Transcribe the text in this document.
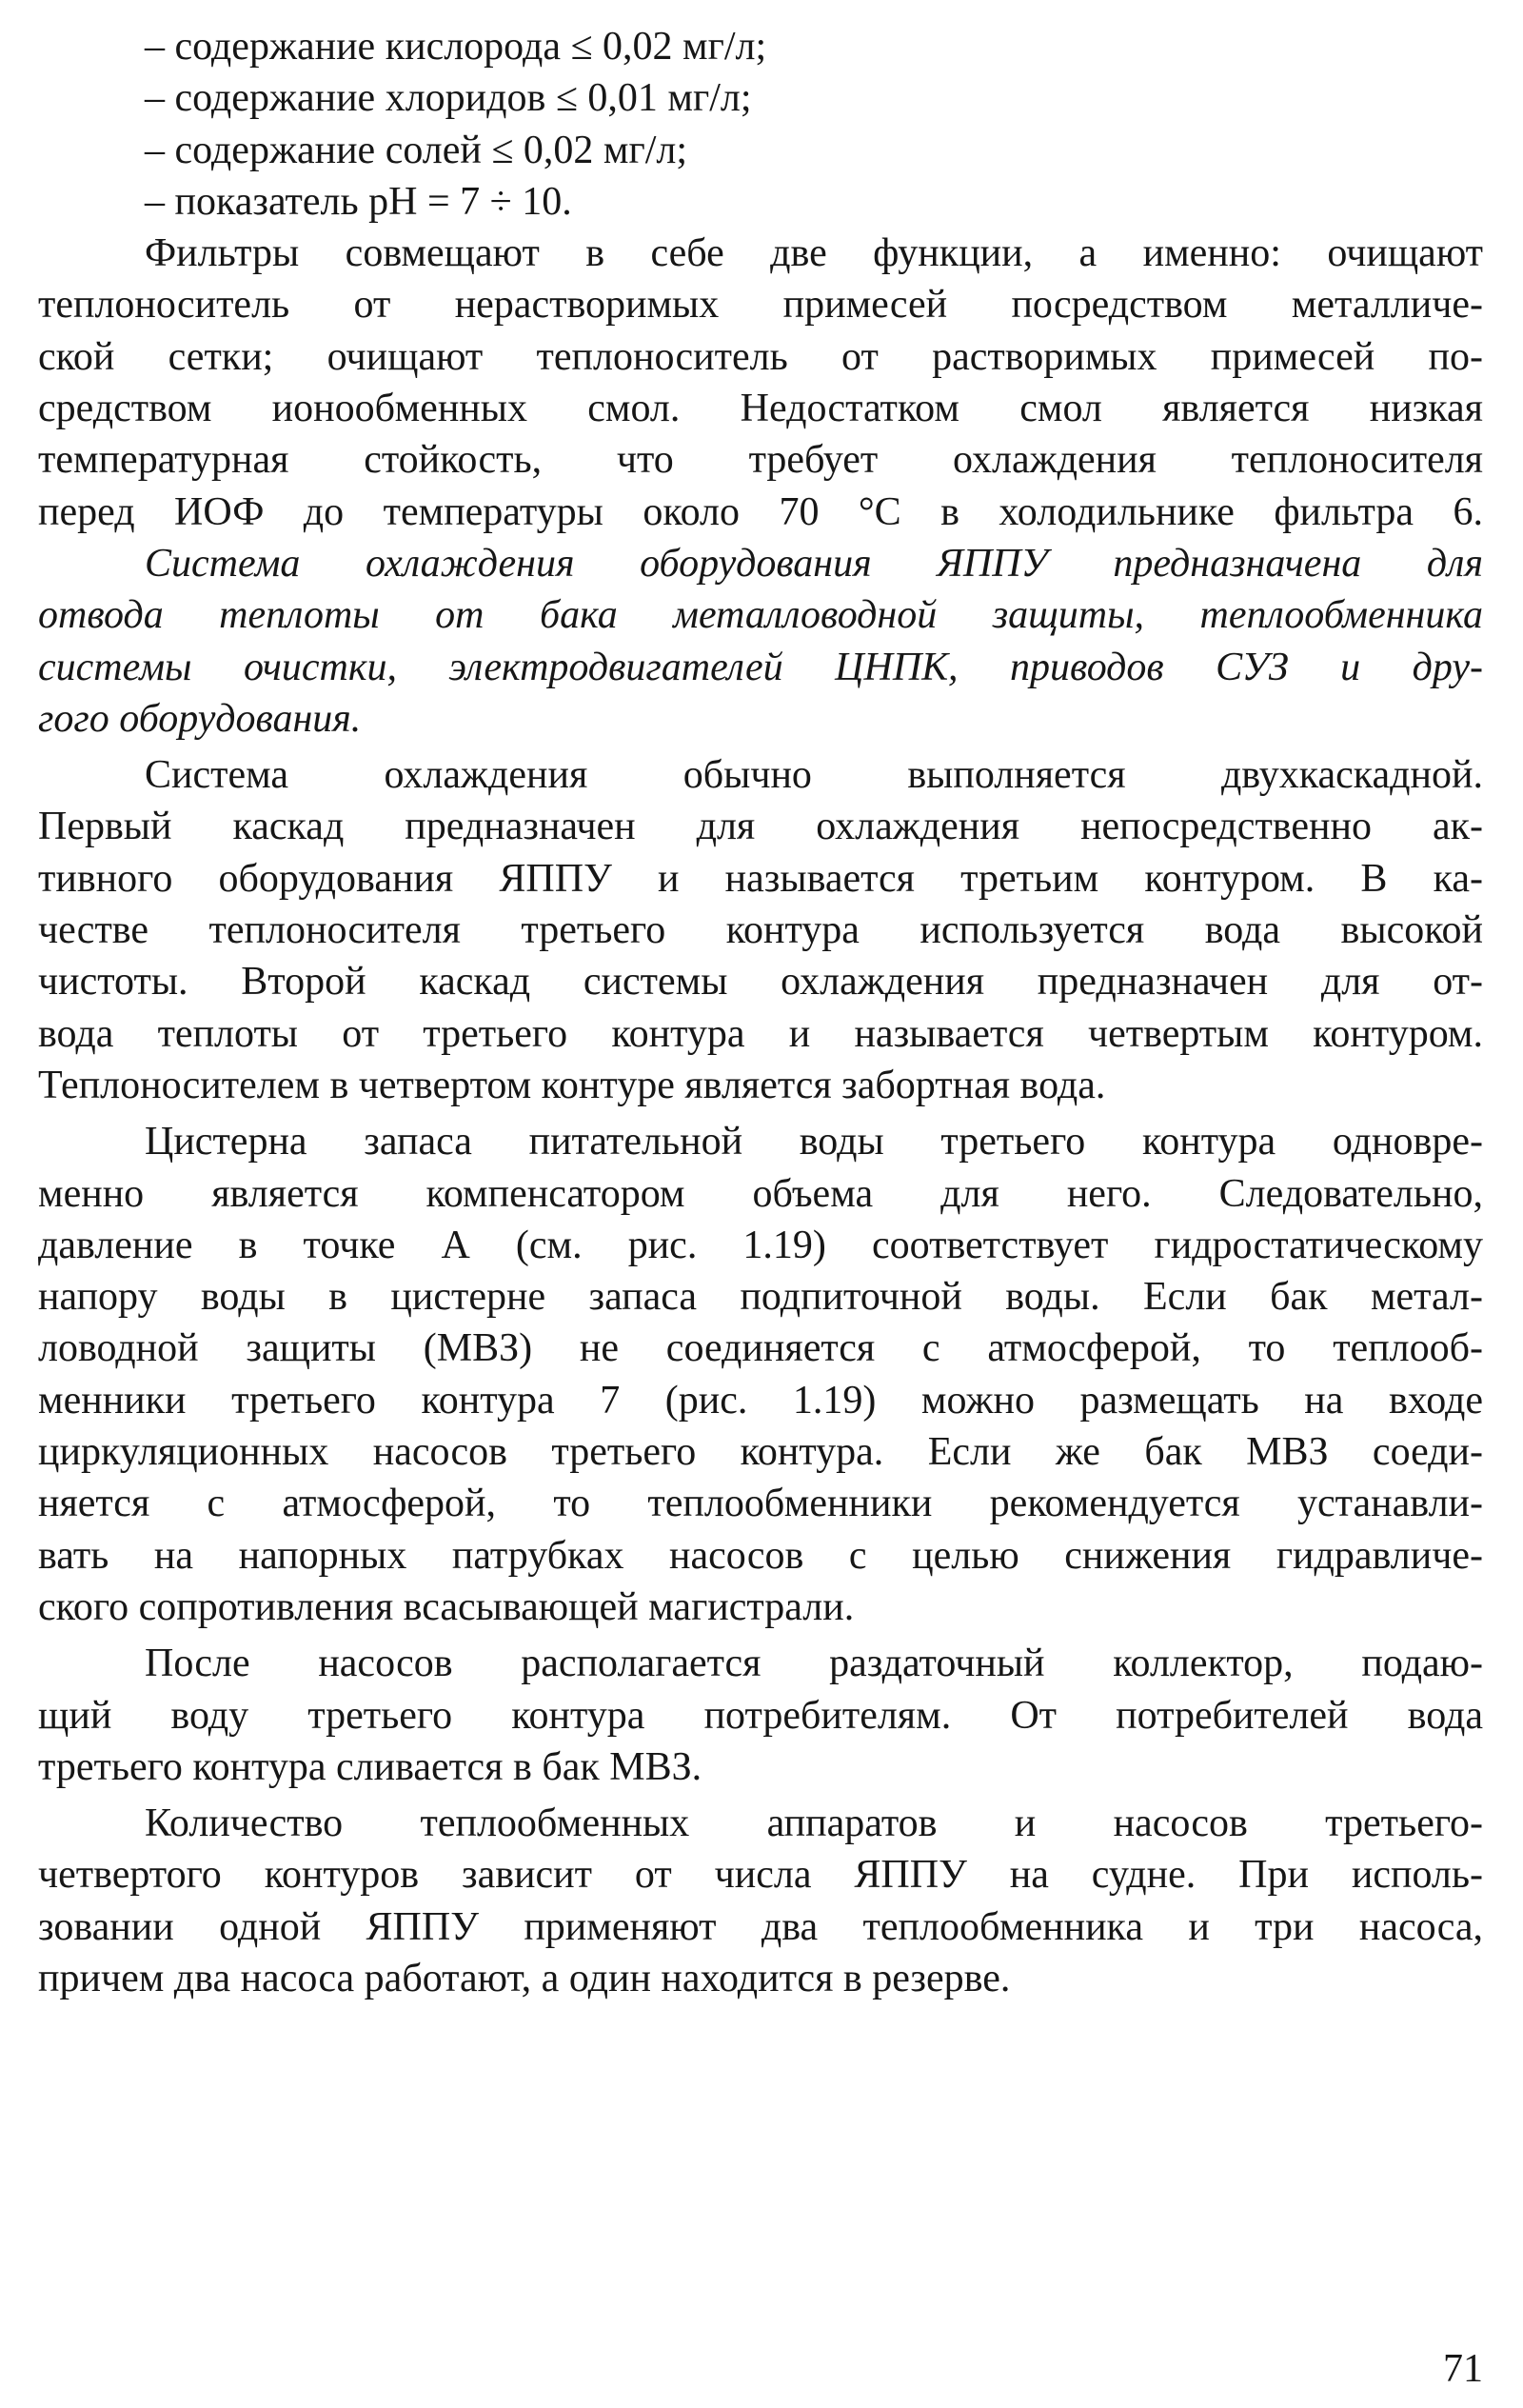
– содержание кислорода ≤ 0,02 мг/л;
– содержание хлоридов ≤ 0,01 мг/л;
– содержание солей ≤ 0,02 мг/л;
– показатель pH = 7 ÷ 10.
Фильтры совмещают в себе две функции, а именно: очищают
теплоноситель от нерастворимых примесей посредством металличе-
ской сетки; очищают теплоноситель от растворимых примесей по-
средством ионообменных смол. Недостатком смол является низкая
температурная стойкость, что требует охлаждения теплоносителя
перед ИОФ до температуры около 70 °С в холодильнике фильтра 6.
Система охлаждения оборудования ЯППУ предназначена для
отвода теплоты от бака металловодной защиты, теплообменника
системы очистки, электродвигателей ЦНПК, приводов СУЗ и дру-
гого оборудования.
Система охлаждения обычно выполняется двухкаскадной.
Первый каскад предназначен для охлаждения непосредственно ак-
тивного оборудования ЯППУ и называется третьим контуром. В ка-
честве теплоносителя третьего контура используется вода высокой
чистоты. Второй каскад системы охлаждения предназначен для от-
вода теплоты от третьего контура и называется четвертым контуром.
Теплоносителем в четвертом контуре является забортная вода.
Цистерна запаса питательной воды третьего контура одновре-
менно является компенсатором объема для него. Следовательно,
давление в точке А (см. рис. 1.19) соответствует гидростатическому
напору воды в цистерне запаса подпиточной воды. Если бак метал-
ловодной защиты (МВЗ) не соединяется с атмосферой, то теплооб-
менники третьего контура 7 (рис. 1.19) можно размещать на входе
циркуляционных насосов третьего контура. Если же бак МВЗ соеди-
няется с атмосферой, то теплообменники рекомендуется устанавли-
вать на напорных патрубках насосов с целью снижения гидравличе-
ского сопротивления всасывающей магистрали.
После насосов располагается раздаточный коллектор, подаю-
щий воду третьего контура потребителям. От потребителей вода
третьего контура сливается в бак МВЗ.
Количество теплообменных аппаратов и насосов третьего-
четвертого контуров зависит от числа ЯППУ на судне. При исполь-
зовании одной ЯППУ применяют два теплообменника и три насоса,
причем два насоса работают, а один находится в резерве.
71
